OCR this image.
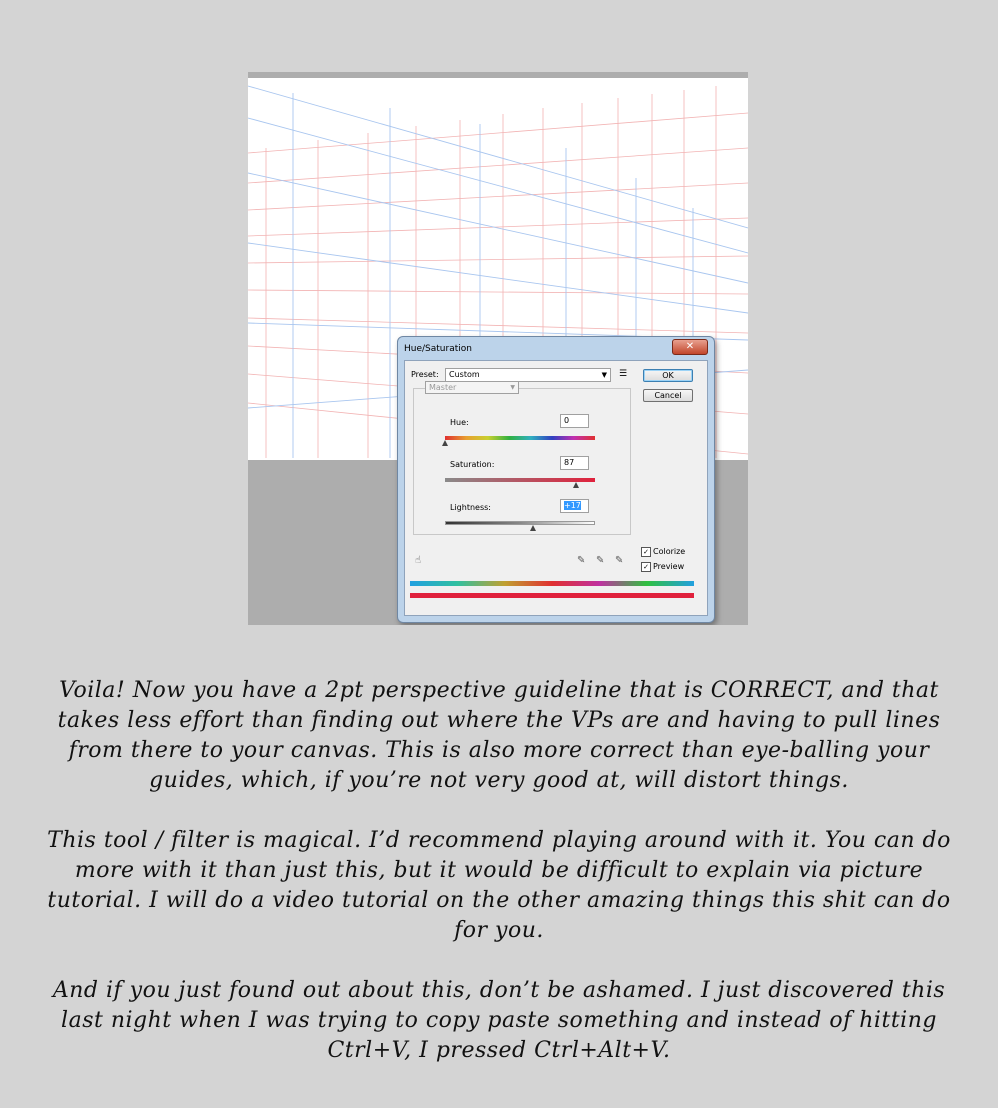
Hue/Saturation	✕
Preset:	Custom	▼ ☰	OK
Cancel
Master	▼
Hue:	0
Saturation:	87
Lightness:	+17
☝	✎ ✎ ✎
✓ Colorize
✓ Preview

Voila! Now you have a 2pt perspective guideline that is CORRECT, and that takes less effort than finding out where the VPs are and having to pull lines from there to your canvas. This is also more correct than eye-balling your guides, which, if you’re not very good at, will distort things.

This tool / filter is magical. I’d recommend playing around with it. You can do more with it than just this, but it would be difficult to explain via picture tutorial. I will do a video tutorial on the other amazing things this shit can do for you.

And if you just found out about this, don’t be ashamed. I just discovered this last night when I was trying to copy paste something and instead of hitting Ctrl+V, I pressed Ctrl+Alt+V.
